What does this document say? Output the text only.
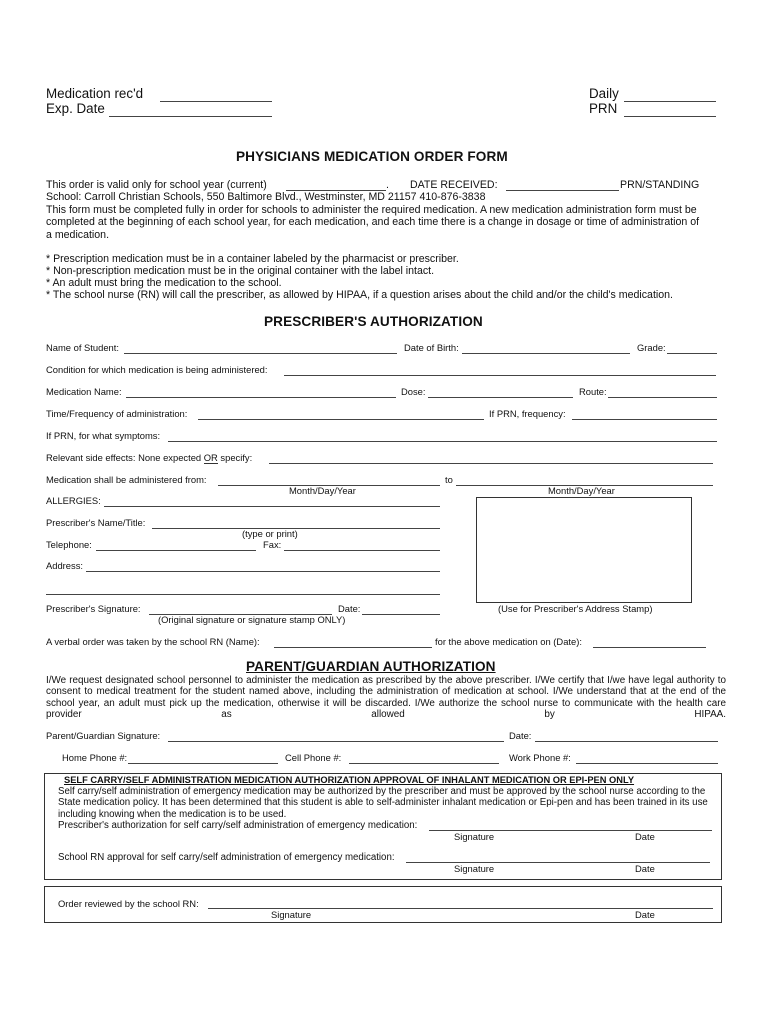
Medication rec'd
Exp. Date
Daily
PRN
PHYSICIANS MEDICATION ORDER FORM
This order is valid only for school year (current)	. DATE RECEIVED:	PRN/STANDING
School: Carroll Christian Schools, 550 Baltimore Blvd., Westminster, MD 21157 410-876-3838
This form must be completed fully in order for schools to administer the required medication. A new medication administration form must be completed at the beginning of each school year, for each medication, and each time there is a change in dosage or time of administration of a medication.
* Prescription medication must be in a container labeled by the pharmacist or prescriber.
* Non-prescription medication must be in the original container with the label intact.
* An adult must bring the medication to the school.
* The school nurse (RN) will call the prescriber, as allowed by HIPAA, if a question arises about the child and/or the child's medication.
PRESCRIBER'S AUTHORIZATION
Name of Student:	Date of Birth:	Grade:
Condition for which medication is being administered:
Medication Name:	Dose:	Route:
Time/Frequency of administration:	If PRN, frequency:
If PRN, for what symptoms:
Relevant side effects: None expected OR specify:
Medication shall be administered from:	to
Month/Day/Year	Month/Day/Year
ALLERGIES:
Prescriber's Name/Title:
(type or print)
Telephone:	Fax:
Address:
(Use for Prescriber's Address Stamp)
Prescriber's Signature:	Date:
(Original signature or signature stamp ONLY)
A verbal order was taken by the school RN (Name):	for the above medication on (Date):
PARENT/GUARDIAN AUTHORIZATION
I/We request designated school personnel to administer the medication as prescribed by the above prescriber. I/We certify that I/we have legal authority to consent to medical treatment for the student named above, including the administration of medication at school. I/We understand that at the end of the school year, an adult must pick up the medication, otherwise it will be discarded. I/We authorize the school nurse to communicate with the health care provider as allowed by HIPAA.
Parent/Guardian Signature:	Date:
Home Phone #:	Cell Phone #:	Work Phone #:
SELF CARRY/SELF ADMINISTRATION MEDICATION AUTHORIZATION APPROVAL OF INHALANT MEDICATION OR EPI-PEN ONLY
Self carry/self administration of emergency medication may be authorized by the prescriber and must be approved by the school nurse according to the State medication policy. It has been determined that this student is able to self-administer inhalant medication or Epi-pen and has been trained in its use including knowing when the medication is to be used.
Prescriber's authorization for self carry/self administration of emergency medication:
Signature	Date
School RN approval for self carry/self administration of emergency medication:
Signature	Date
Order reviewed by the school RN:
Signature	Date
